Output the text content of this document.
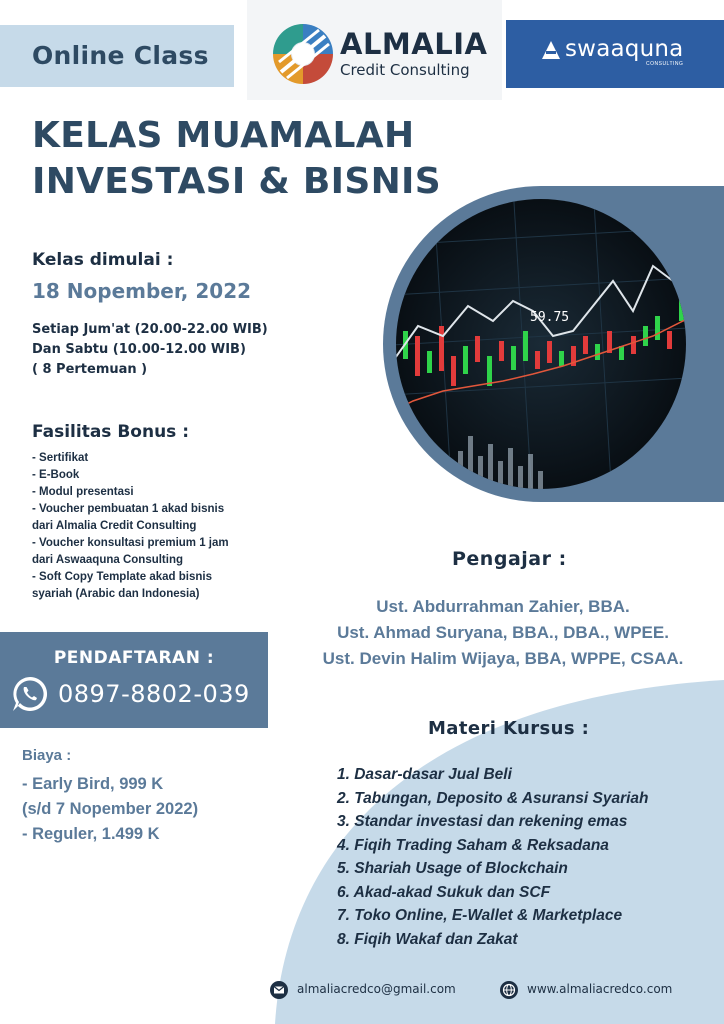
Online Class	ALMALIA
Credit Consulting
swaaquna
CONSULTING
KELAS MUAMALAH
INVESTASI & BISNIS
59.75
Kelas dimulai :
18 Nopember, 2022
Setiap Jum'at (20.00-22.00 WIB)
Dan Sabtu (10.00-12.00 WIB)
( 8 Pertemuan )
Fasilitas Bonus :
- Sertifikat
- E-Book
- Modul presentasi
- Voucher pembuatan 1 akad bisnis
dari Almalia Credit Consulting
- Voucher konsultasi premium 1 jam
dari Aswaaquna Consulting
- Soft Copy Template akad bisnis
syariah (Arabic dan Indonesia)
PENDAFTARAN :
0897-8802-039
Biaya :
- Early Bird, 999 K
(s/d 7 Nopember 2022)
- Reguler, 1.499 K
Pengajar :
Ust. Abdurrahman Zahier, BBA.
Ust. Ahmad Suryana, BBA., DBA., WPEE.
Ust. Devin Halim Wijaya, BBA, WPPE, CSAA.
Materi Kursus :
1. Dasar-dasar Jual Beli
2. Tabungan, Deposito & Asuransi Syariah
3. Standar investasi dan rekening emas
4. Fiqih Trading Saham & Reksadana
5. Shariah Usage of Blockchain
6. Akad-akad Sukuk dan SCF
7. Toko Online, E-Wallet & Marketplace
8. Fiqih Wakaf dan Zakat
almaliacredco@gmail.com	www.almaliacredco.com
